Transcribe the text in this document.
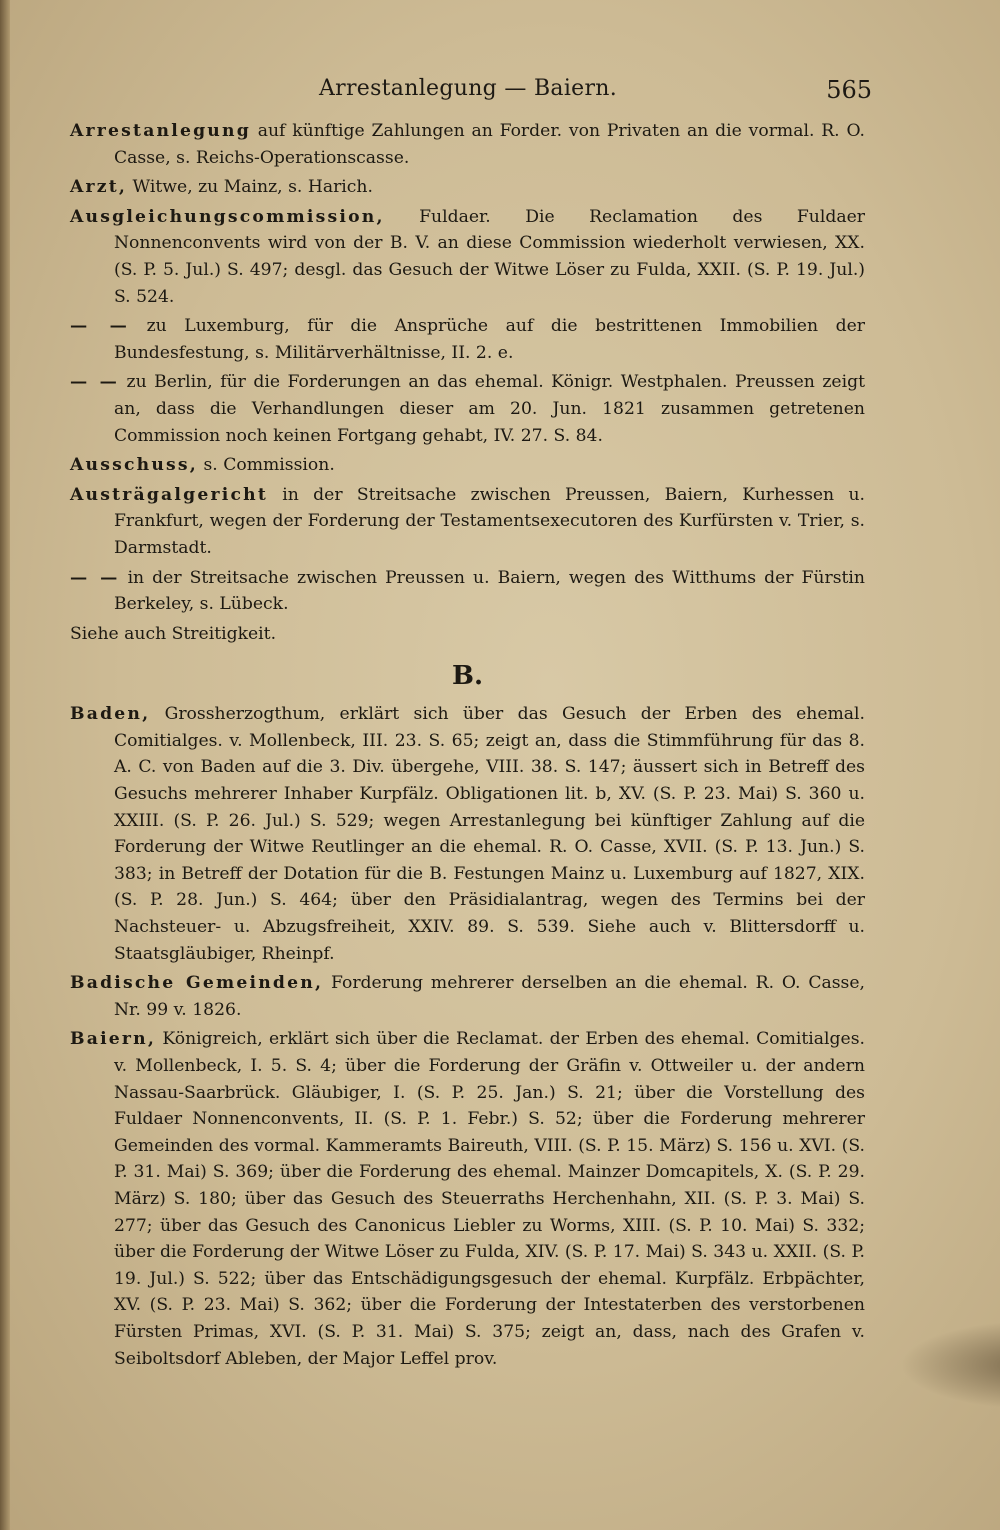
Arrestanlegung — Baiern.	565

Arrestanlegung auf künftige Zahlungen an Forder. von Privaten an die vormal. R. O. Casse, s. Reichs-Operationscasse.

Arzt, Witwe, zu Mainz, s. Harich.

Ausgleichungscommission, Fuldaer. Die Reclamation des Fuldaer Nonnenconvents wird von der B. V. an diese Commission wiederholt verwiesen, XX. (S. P. 5. Jul.) S. 497; desgl. das Gesuch der Witwe Löser zu Fulda, XXII. (S. P. 19. Jul.) S. 524.

— — zu Luxemburg, für die Ansprüche auf die bestrittenen Immobilien der Bundesfestung, s. Militärverhältnisse, II. 2. e.

— — zu Berlin, für die Forderungen an das ehemal. Königr. Westphalen. Preussen zeigt an, dass die Verhandlungen dieser am 20. Jun. 1821 zusammen getretenen Commission noch keinen Fortgang gehabt, IV. 27. S. 84.

Ausschuss, s. Commission.

Austrägalgericht in der Streitsache zwischen Preussen, Baiern, Kurhessen u. Frankfurt, wegen der Forderung der Testamentsexecutoren des Kurfürsten v. Trier, s. Darmstadt.

— — in der Streitsache zwischen Preussen u. Baiern, wegen des Witthums der Fürstin Berkeley, s. Lübeck.

Siehe auch Streitigkeit.

B.

Baden, Grossherzogthum, erklärt sich über das Gesuch der Erben des ehemal. Comitialges. v. Mollenbeck, III. 23. S. 65; zeigt an, dass die Stimmführung für das 8. A. C. von Baden auf die 3. Div. übergehe, VIII. 38. S. 147; äussert sich in Betreff des Gesuchs mehrerer Inhaber Kurpfälz. Obligationen lit. b, XV. (S. P. 23. Mai) S. 360 u. XXIII. (S. P. 26. Jul.) S. 529; wegen Arrestanlegung bei künftiger Zahlung auf die Forderung der Witwe Reutlinger an die ehemal. R. O. Casse, XVII. (S. P. 13. Jun.) S. 383; in Betreff der Dotation für die B. Festungen Mainz u. Luxemburg auf 1827, XIX. (S. P. 28. Jun.) S. 464; über den Präsidialantrag, wegen des Termins bei der Nachsteuer- u. Abzugsfreiheit, XXIV. 89. S. 539. Siehe auch v. Blittersdorff u. Staatsgläubiger, Rheinpf.

Badische Gemeinden, Forderung mehrerer derselben an die ehemal. R. O. Casse, Nr. 99 v. 1826.

Baiern, Königreich, erklärt sich über die Reclamat. der Erben des ehemal. Comitialges. v. Mollenbeck, I. 5. S. 4; über die Forderung der Gräfin v. Ottweiler u. der andern Nassau-Saarbrück. Gläubiger, I. (S. P. 25. Jan.) S. 21; über die Vorstellung des Fuldaer Nonnenconvents, II. (S. P. 1. Febr.) S. 52; über die Forderung mehrerer Gemeinden des vormal. Kammeramts Baireuth, VIII. (S. P. 15. März) S. 156 u. XVI. (S. P. 31. Mai) S. 369; über die Forderung des ehemal. Mainzer Domcapitels, X. (S. P. 29. März) S. 180; über das Gesuch des Steuerraths Herchenhahn, XII. (S. P. 3. Mai) S. 277; über das Gesuch des Canonicus Liebler zu Worms, XIII. (S. P. 10. Mai) S. 332; über die Forderung der Witwe Löser zu Fulda, XIV. (S. P. 17. Mai) S. 343 u. XXII. (S. P. 19. Jul.) S. 522; über das Entschädigungsgesuch der ehemal. Kurpfälz. Erbpächter, XV. (S. P. 23. Mai) S. 362; über die Forderung der Intestaterben des verstorbenen Fürsten Primas, XVI. (S. P. 31. Mai) S. 375; zeigt an, dass, nach des Grafen v. Seiboltsdorf Ableben, der Major Leffel prov.
